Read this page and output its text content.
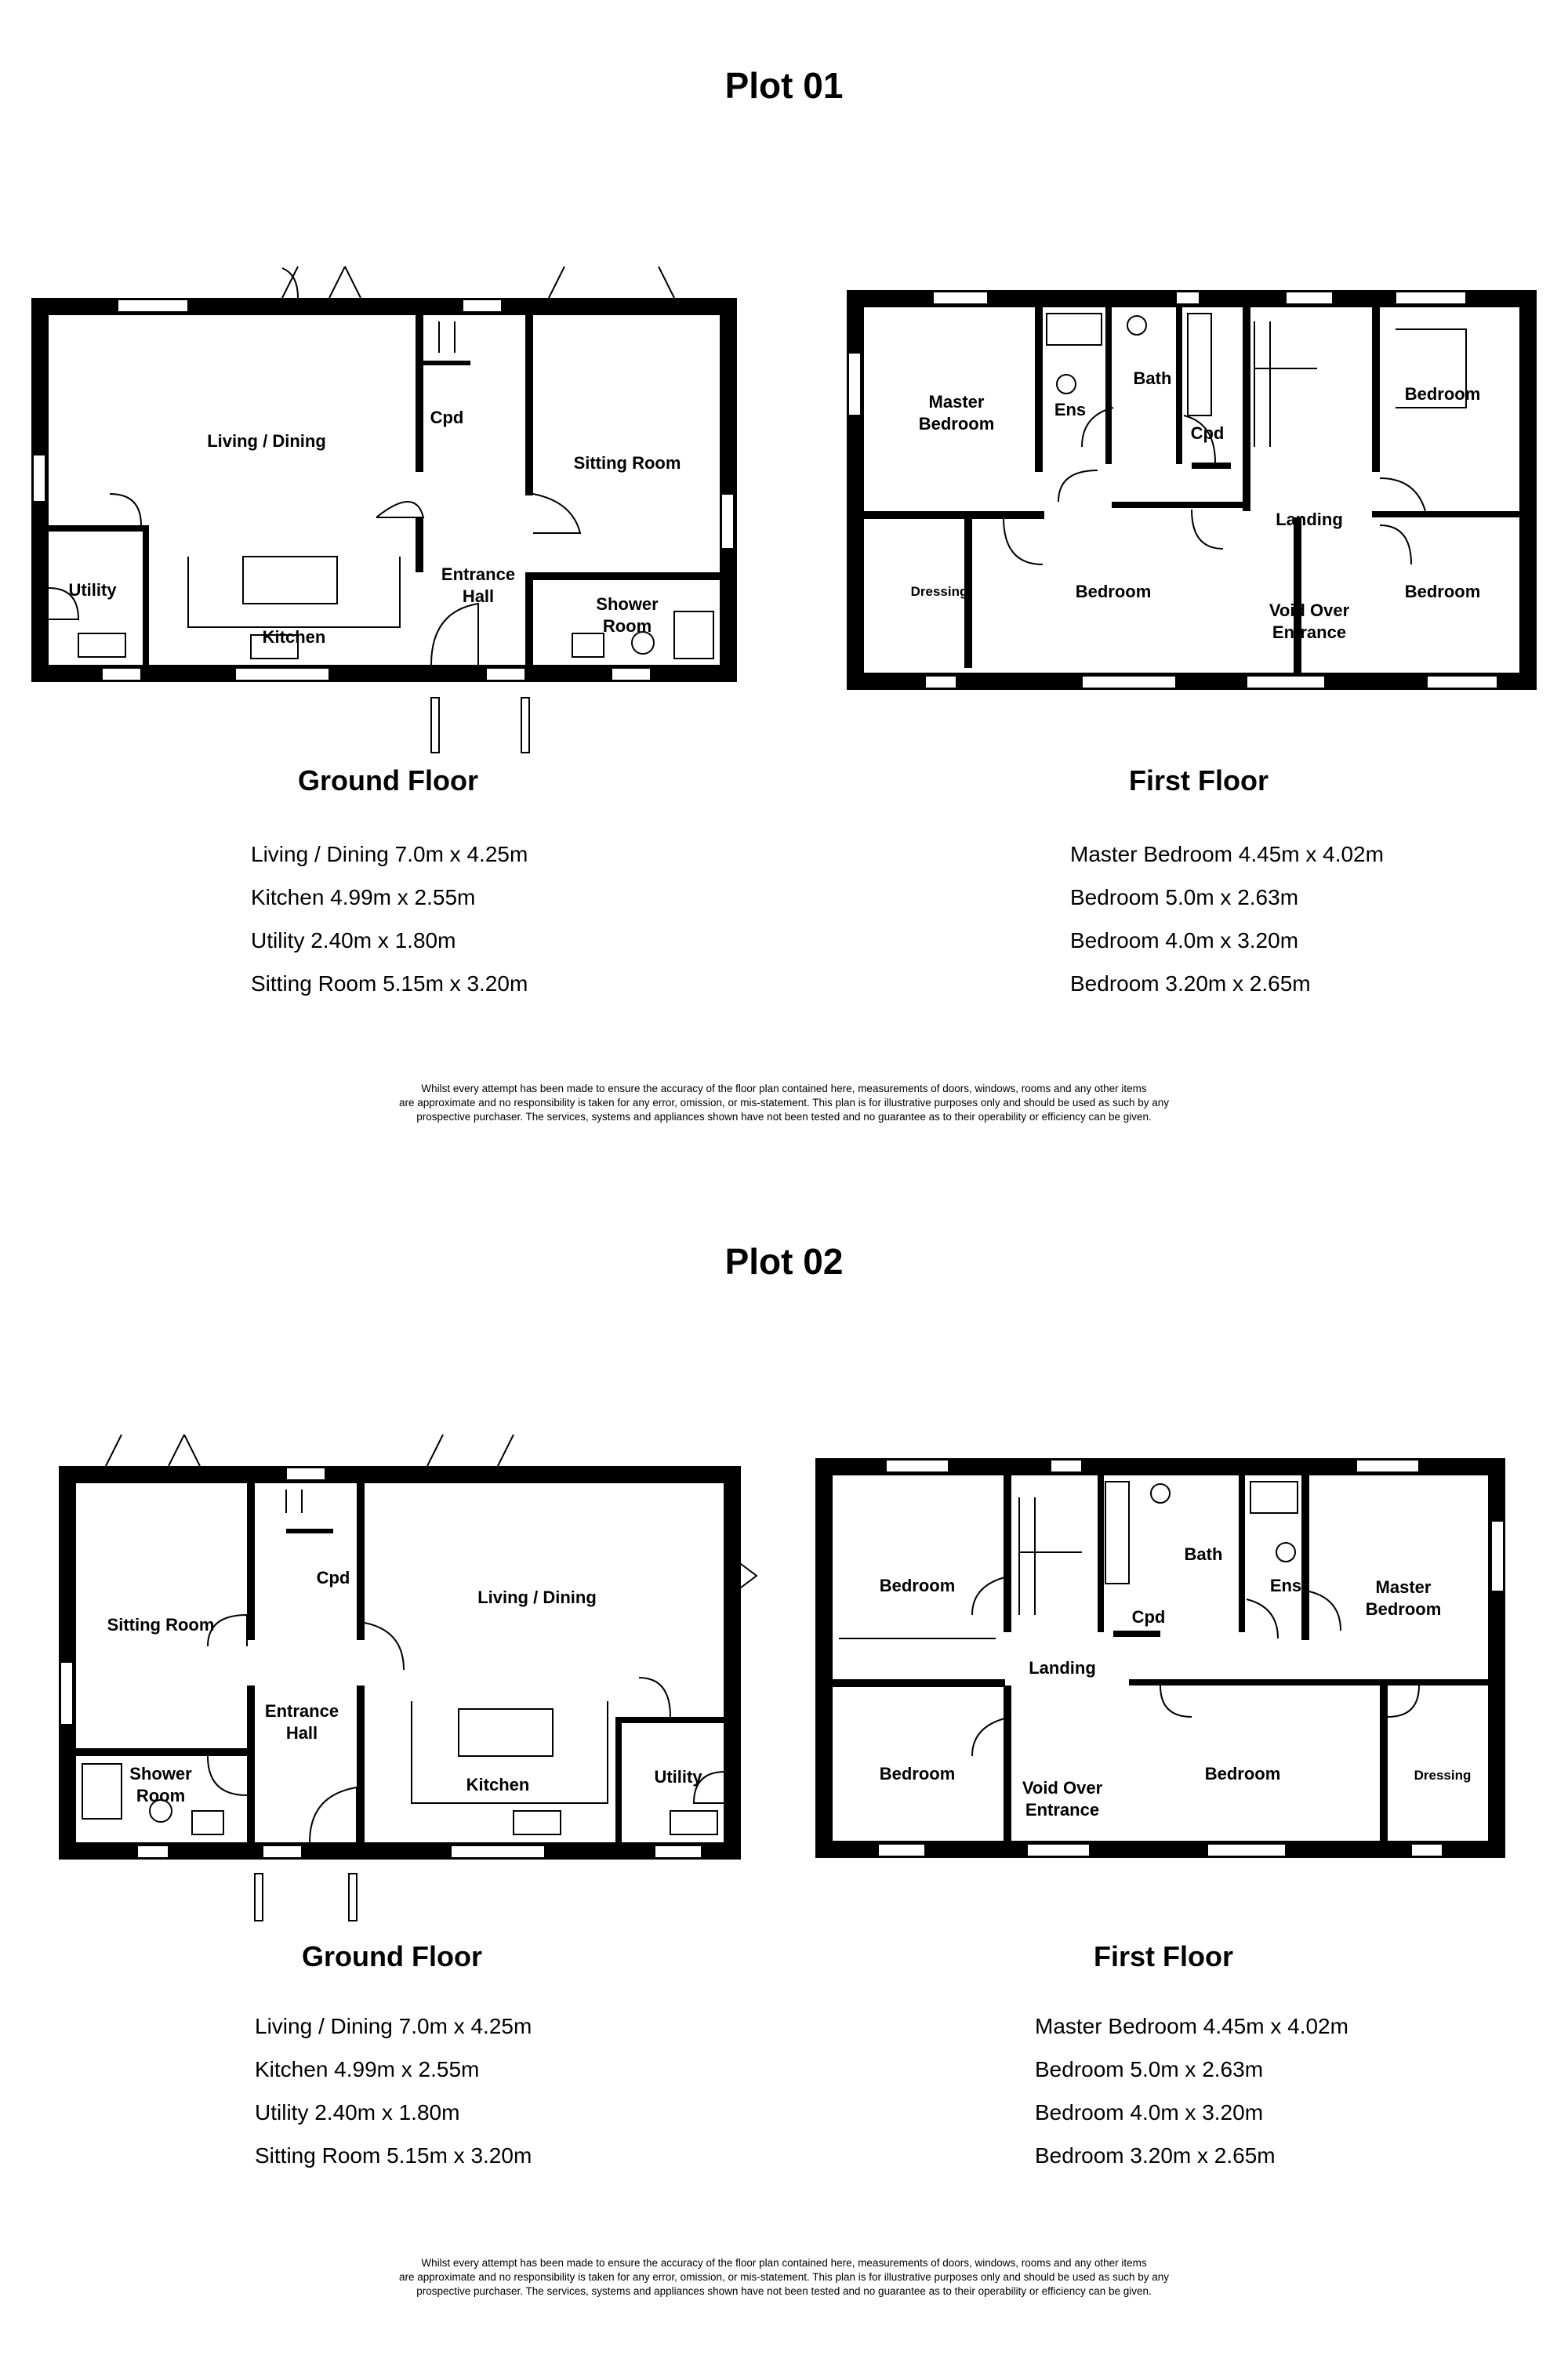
Plot 01
Living / Dining
Kitchen
Utility
Sitting Room
Entrance
Hall
Cpd
Shower
Room
Master
Bedroom
Ens
Bath
Cpd
Bedroom
Landing
Dressing	Bedroom
Void Over
Entrance
Bedroom
Ground Floor	First Floor
Living / Dining 7.0m x 4.25m
Kitchen 4.99m x 2.55m
Utility 2.40m x 1.80m
Sitting Room 5.15m x 3.20m
Master Bedroom 4.45m x 4.02m
Bedroom 5.0m x 2.63m
Bedroom 4.0m x 3.20m
Bedroom 3.20m x 2.65m
Whilst every attempt has been made to ensure the accuracy of the floor plan contained here, measurements of doors, windows, rooms and any other items
are approximate and no responsibility is taken for any error, omission, or mis-statement. This plan is for illustrative purposes only and should be used as such by any
prospective purchaser. The services, systems and appliances shown have not been tested and no guarantee as to their operability or efficiency can be given.
Plot 02
Sitting Room
Cpd
Living / Dining
Entrance
Hall
Shower
Room
Kitchen	Utility
Bedroom
Bath
Ens	Master
Bedroom
Cpd
Landing
Bedroom
Void Over
Entrance
Bedroom	Dressing
Ground Floor	First Floor
Living / Dining 7.0m x 4.25m
Kitchen 4.99m x 2.55m
Utility 2.40m x 1.80m
Sitting Room 5.15m x 3.20m
Master Bedroom 4.45m x 4.02m
Bedroom 5.0m x 2.63m
Bedroom 4.0m x 3.20m
Bedroom 3.20m x 2.65m
Whilst every attempt has been made to ensure the accuracy of the floor plan contained here, measurements of doors, windows, rooms and any other items
are approximate and no responsibility is taken for any error, omission, or mis-statement. This plan is for illustrative purposes only and should be used as such by any
prospective purchaser. The services, systems and appliances shown have not been tested and no guarantee as to their operability or efficiency can be given.
